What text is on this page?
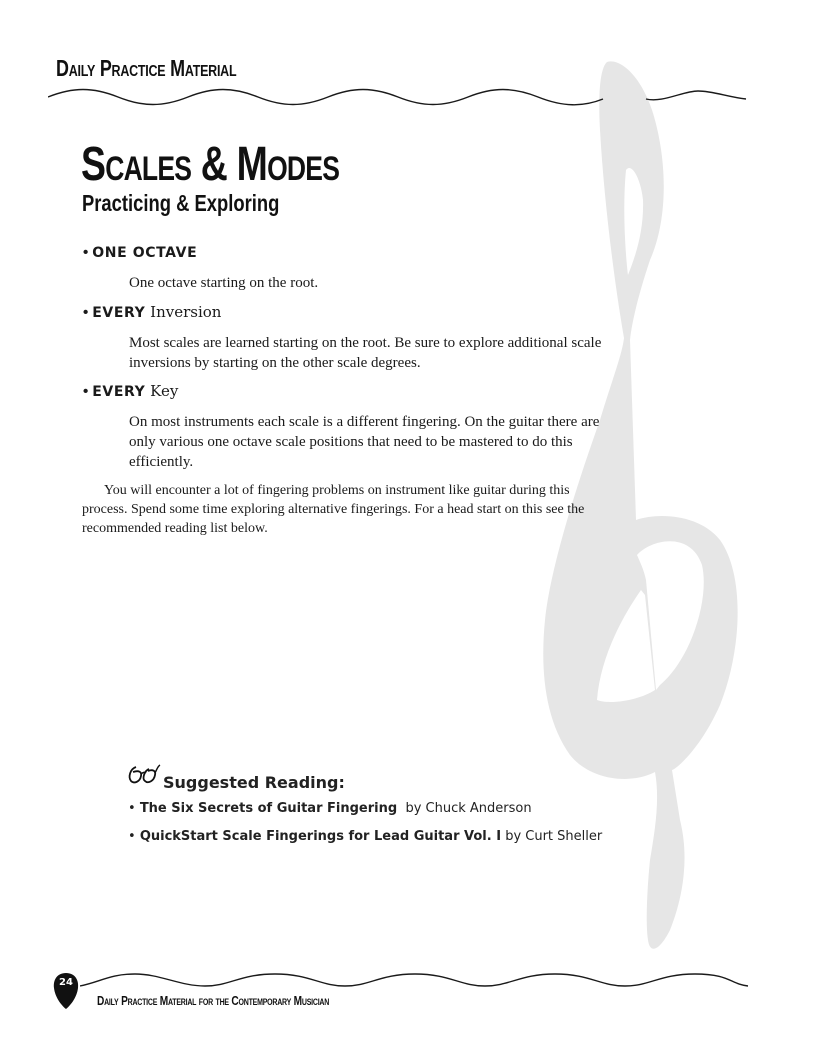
Daily Practice Material
Scales & Modes
Practicing & Exploring
• ONE OCTAVE
One octave starting on the root.
• EVERY Inversion
Most scales are learned starting on the root. Be sure to explore additional scale inversions by starting on the other scale degrees.
• EVERY Key
On most instruments each scale is a different fingering. On the guitar there are only various one octave scale positions that need to be mastered to do this efficiently.
You will encounter a lot of fingering problems on instrument like guitar during this process. Spend some time exploring alternative fingerings. For a head start on this see the recommended reading list below.
Suggested Reading:
• The Six Secrets of Guitar Fingering by Chuck Anderson
• QuickStart Scale Fingerings for Lead Guitar Vol. I by Curt Sheller
24
Daily Practice Material for the Contemporary Musician
